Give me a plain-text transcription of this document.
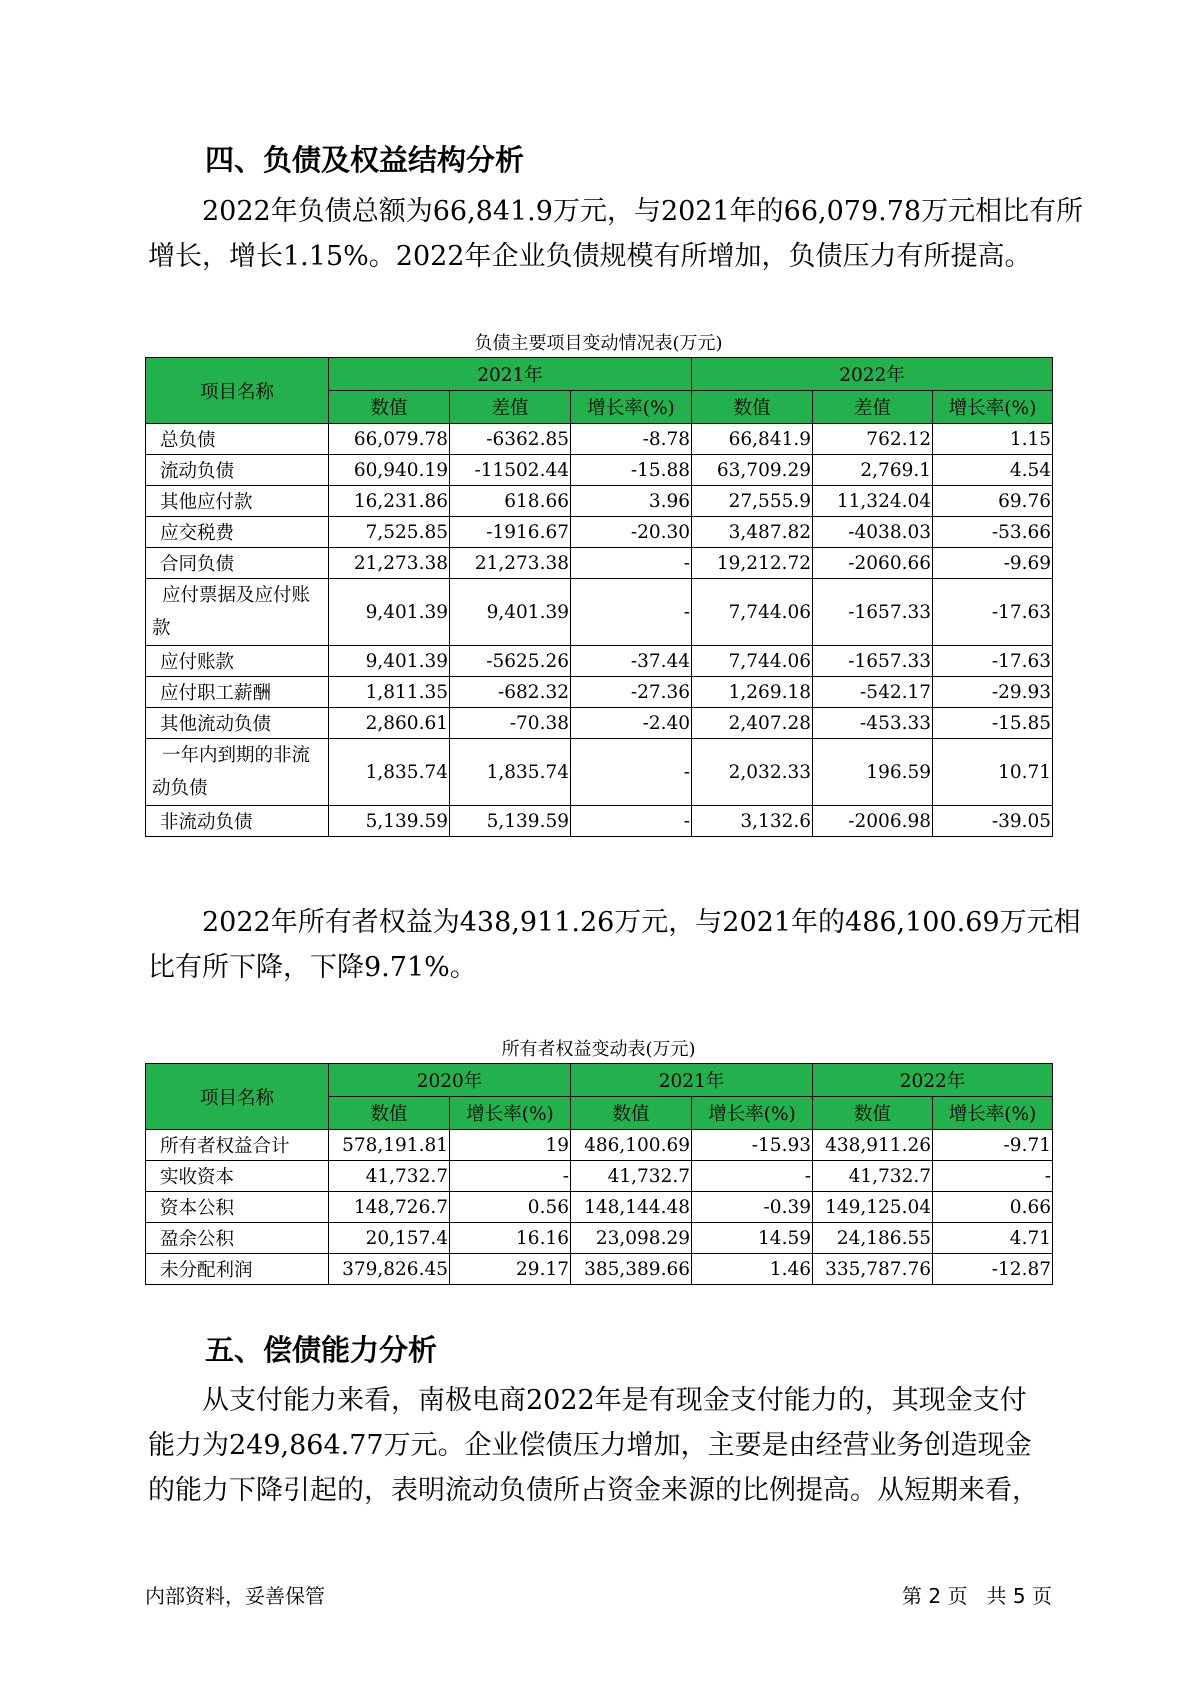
四、负债及权益结构分析

2022年负债总额为66,841.9万元，与2021年的66,079.78万元相比有所

增长，增长1.15%。2022年企业负债规模有所增加，负债压力有所提高。

负债主要项目变动情况表(万元)
项目名称	2021年			2022年		
	数值	差值	增长率(%)	数值	差值	增长率(%)
总负债	66,079.78	-6362.85	-8.78	66,841.9	762.12	1.15
流动负债	60,940.19	-11502.44	-15.88	63,709.29	2,769.1	4.54
其他应付款	16,231.86	618.66	3.96	27,555.9	11,324.04	69.76
应交税费	7,525.85	-1916.67	-20.30	3,487.82	-4038.03	-53.66
合同负债	21,273.38	21,273.38	-	19,212.72	-2060.66	-9.69
应付票据及应付账款	9,401.39	9,401.39	-	7,744.06	-1657.33	-17.63
应付账款	9,401.39	-5625.26	-37.44	7,744.06	-1657.33	-17.63
应付职工薪酬	1,811.35	-682.32	-27.36	1,269.18	-542.17	-29.93
其他流动负债	2,860.61	-70.38	-2.40	2,407.28	-453.33	-15.85
一年内到期的非流动负债	1,835.74	1,835.74	-	2,032.33	196.59	10.71
非流动负债	5,139.59	5,139.59	-	3,132.6	-2006.98	-39.05

2022年所有者权益为438,911.26万元，与2021年的486,100.69万元相

比有所下降，下降9.71%。

所有者权益变动表(万元)
项目名称	2020年		2021年		2022年	
	数值	增长率(%)	数值	增长率(%)	数值	增长率(%)
所有者权益合计	578,191.81	19	486,100.69	-15.93	438,911.26	-9.71
实收资本	41,732.7	-	41,732.7	-	41,732.7	-
资本公积	148,726.7	0.56	148,144.48	-0.39	149,125.04	0.66
盈余公积	20,157.4	16.16	23,098.29	14.59	24,186.55	4.71
未分配利润	379,826.45	29.17	385,389.66	1.46	335,787.76	-12.87
五、偿债能力分析

从支付能力来看，南极电商2022年是有现金支付能力的，其现金支付

能力为249,864.77万元。企业偿债压力增加，主要是由经营业务创造现金

的能力下降引起的，表明流动负债所占资金来源的比例提高。从短期来看，

内部资料，妥善保管	第 2 页   共 5 页
